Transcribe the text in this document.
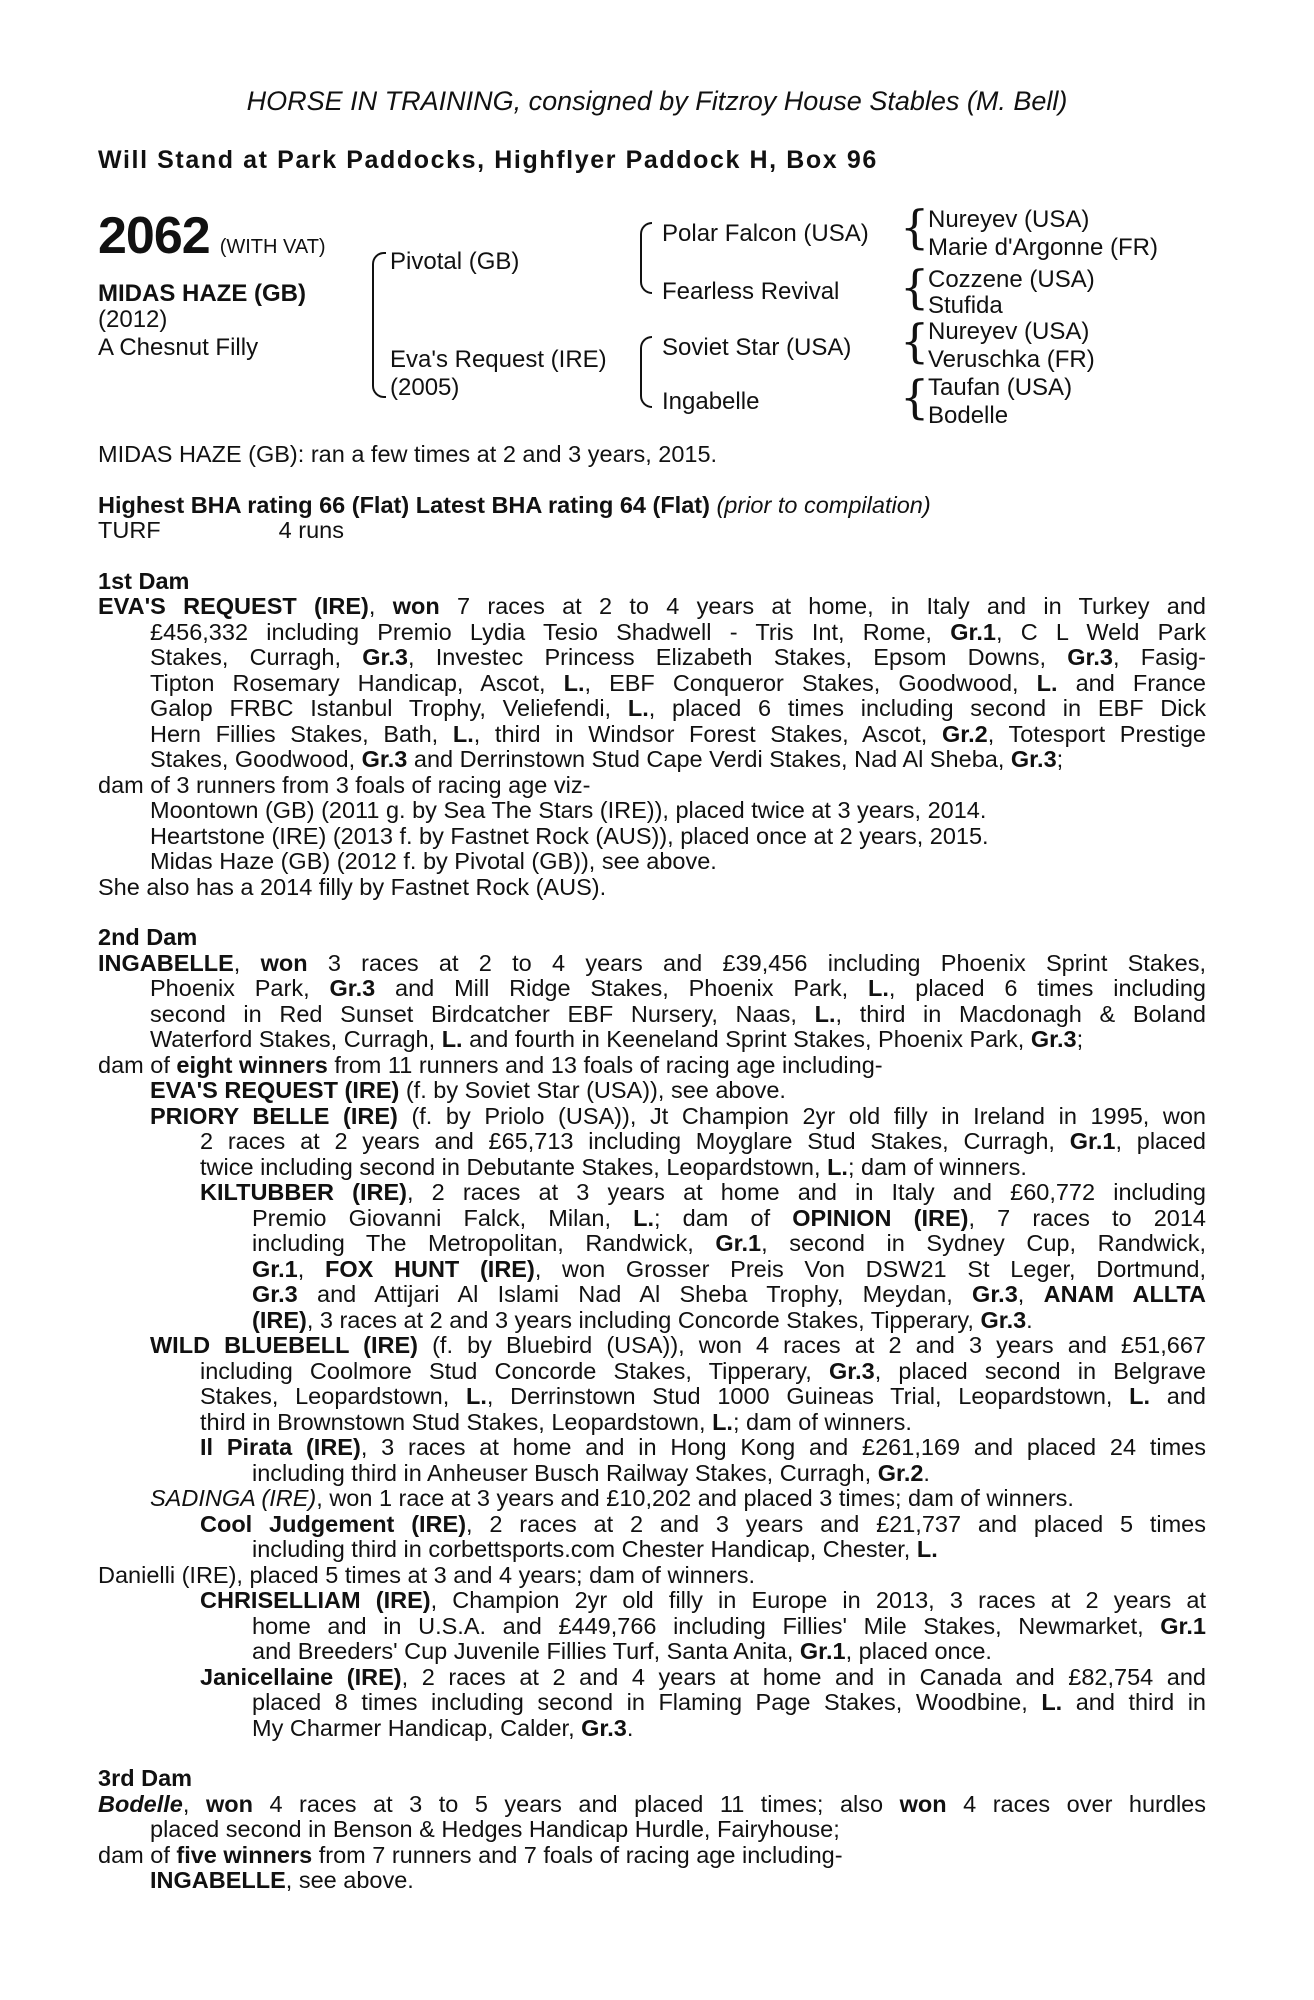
HORSE IN TRAINING, consigned by Fitzroy House Stables (M. Bell)
Will Stand at Park Paddocks, Highflyer Paddock H, Box 96
2062 (WITH VAT)
MIDAS HAZE (GB)
(2012)
A Chesnut Filly
Pivotal (GB)
Eva's Request (IRE)
(2005)
Polar Falcon (USA)
Fearless Revival
Soviet Star (USA)
Ingabelle
{
Nureyev (USA)
Marie d'Argonne (FR)
{
Cozzene (USA)
Stufida
{
Nureyev (USA)
Veruschka (FR)
{
Taufan (USA)
Bodelle
MIDAS HAZE (GB): ran a few times at 2 and 3 years, 2015.
Highest BHA rating 66 (Flat) Latest BHA rating 64 (Flat) (prior to compilation)
TURF	4 runs
1st Dam
EVA'S REQUEST (IRE), won 7 races at 2 to 4 years at home, in Italy and in Turkey and
£456,332 including Premio Lydia Tesio Shadwell - Tris Int, Rome, Gr.1, C L Weld Park
Stakes, Curragh, Gr.3, Investec Princess Elizabeth Stakes, Epsom Downs, Gr.3, Fasig-
Tipton Rosemary Handicap, Ascot, L., EBF Conqueror Stakes, Goodwood, L. and France
Galop FRBC Istanbul Trophy, Veliefendi, L., placed 6 times including second in EBF Dick
Hern Fillies Stakes, Bath, L., third in Windsor Forest Stakes, Ascot, Gr.2, Totesport Prestige
Stakes, Goodwood, Gr.3 and Derrinstown Stud Cape Verdi Stakes, Nad Al Sheba, Gr.3;
dam of 3 runners from 3 foals of racing age viz-
Moontown (GB) (2011 g. by Sea The Stars (IRE)), placed twice at 3 years, 2014.
Heartstone (IRE) (2013 f. by Fastnet Rock (AUS)), placed once at 2 years, 2015.
Midas Haze (GB) (2012 f. by Pivotal (GB)), see above.
She also has a 2014 filly by Fastnet Rock (AUS).
2nd Dam
INGABELLE, won 3 races at 2 to 4 years and £39,456 including Phoenix Sprint Stakes,
Phoenix Park, Gr.3 and Mill Ridge Stakes, Phoenix Park, L., placed 6 times including
second in Red Sunset Birdcatcher EBF Nursery, Naas, L., third in Macdonagh & Boland
Waterford Stakes, Curragh, L. and fourth in Keeneland Sprint Stakes, Phoenix Park, Gr.3;
dam of eight winners from 11 runners and 13 foals of racing age including-
EVA'S REQUEST (IRE) (f. by Soviet Star (USA)), see above.
PRIORY BELLE (IRE) (f. by Priolo (USA)), Jt Champion 2yr old filly in Ireland in 1995, won
2 races at 2 years and £65,713 including Moyglare Stud Stakes, Curragh, Gr.1, placed
twice including second in Debutante Stakes, Leopardstown, L.; dam of winners.
KILTUBBER (IRE), 2 races at 3 years at home and in Italy and £60,772 including
Premio Giovanni Falck, Milan, L.; dam of OPINION (IRE), 7 races to 2014
including The Metropolitan, Randwick, Gr.1, second in Sydney Cup, Randwick,
Gr.1, FOX HUNT (IRE), won Grosser Preis Von DSW21 St Leger, Dortmund,
Gr.3 and Attijari Al Islami Nad Al Sheba Trophy, Meydan, Gr.3, ANAM ALLTA
(IRE), 3 races at 2 and 3 years including Concorde Stakes, Tipperary, Gr.3.
WILD BLUEBELL (IRE) (f. by Bluebird (USA)), won 4 races at 2 and 3 years and £51,667
including Coolmore Stud Concorde Stakes, Tipperary, Gr.3, placed second in Belgrave
Stakes, Leopardstown, L., Derrinstown Stud 1000 Guineas Trial, Leopardstown, L. and
third in Brownstown Stud Stakes, Leopardstown, L.; dam of winners.
Il Pirata (IRE), 3 races at home and in Hong Kong and £261,169 and placed 24 times
including third in Anheuser Busch Railway Stakes, Curragh, Gr.2.
SADINGA (IRE), won 1 race at 3 years and £10,202 and placed 3 times; dam of winners.
Cool Judgement (IRE), 2 races at 2 and 3 years and £21,737 and placed 5 times
including third in corbettsports.com Chester Handicap, Chester, L.
Danielli (IRE), placed 5 times at 3 and 4 years; dam of winners.
CHRISELLIAM (IRE), Champion 2yr old filly in Europe in 2013, 3 races at 2 years at
home and in U.S.A. and £449,766 including Fillies' Mile Stakes, Newmarket, Gr.1
and Breeders' Cup Juvenile Fillies Turf, Santa Anita, Gr.1, placed once.
Janicellaine (IRE), 2 races at 2 and 4 years at home and in Canada and £82,754 and
placed 8 times including second in Flaming Page Stakes, Woodbine, L. and third in
My Charmer Handicap, Calder, Gr.3.
3rd Dam
Bodelle, won 4 races at 3 to 5 years and placed 11 times; also won 4 races over hurdles
placed second in Benson & Hedges Handicap Hurdle, Fairyhouse;
dam of five winners from 7 runners and 7 foals of racing age including-
INGABELLE, see above.
